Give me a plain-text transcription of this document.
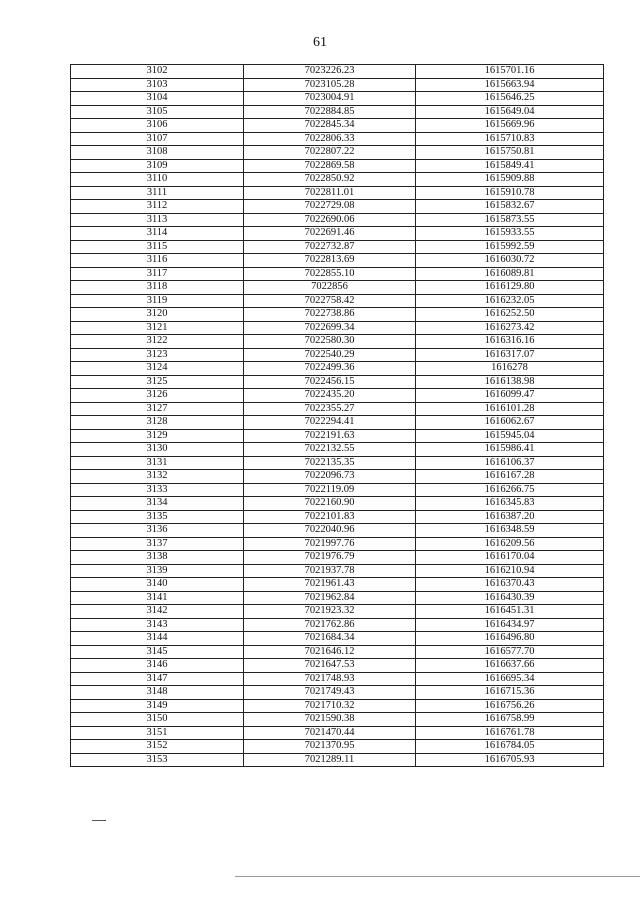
61
3102	7023226.23	1615701.16
3103	7023105.28	1615663.94
3104	7023004.91	1615646.25
3105	7022884.85	1615649.04
3106	7022845.34	1615669.96
3107	7022806.33	1615710.83
3108	7022807.22	1615750.81
3109	7022869.58	1615849.41
3110	7022850.92	1615909.88
3111	7022811.01	1615910.78
3112	7022729.08	1615832.67
3113	7022690.06	1615873.55
3114	7022691.46	1615933.55
3115	7022732.87	1615992.59
3116	7022813.69	1616030.72
3117	7022855.10	1616089.81
3118	7022856	1616129.80
3119	7022758.42	1616232.05
3120	7022738.86	1616252.50
3121	7022699.34	1616273.42
3122	7022580.30	1616316.16
3123	7022540.29	1616317.07
3124	7022499.36	1616278
3125	7022456.15	1616138.98
3126	7022435.20	1616099.47
3127	7022355.27	1616101.28
3128	7022294.41	1616062.67
3129	7022191.63	1615945.04
3130	7022132.55	1615986.41
3131	7022135.35	1616106.37
3132	7022096.73	1616167.28
3133	7022119.09	1616266.75
3134	7022160.90	1616345.83
3135	7022101.83	1616387.20
3136	7022040.96	1616348.59
3137	7021997.76	1616209.56
3138	7021976.79	1616170.04
3139	7021937.78	1616210.94
3140	7021961.43	1616370.43
3141	7021962.84	1616430.39
3142	7021923.32	1616451.31
3143	7021762.86	1616434.97
3144	7021684.34	1616496.80
3145	7021646.12	1616577.70
3146	7021647.53	1616637.66
3147	7021748.93	1616695.34
3148	7021749.43	1616715.36
3149	7021710.32	1616756.26
3150	7021590.38	1616758.99
3151	7021470.44	1616761.78
3152	7021370.95	1616784.05
3153	7021289.11	1616705.93
